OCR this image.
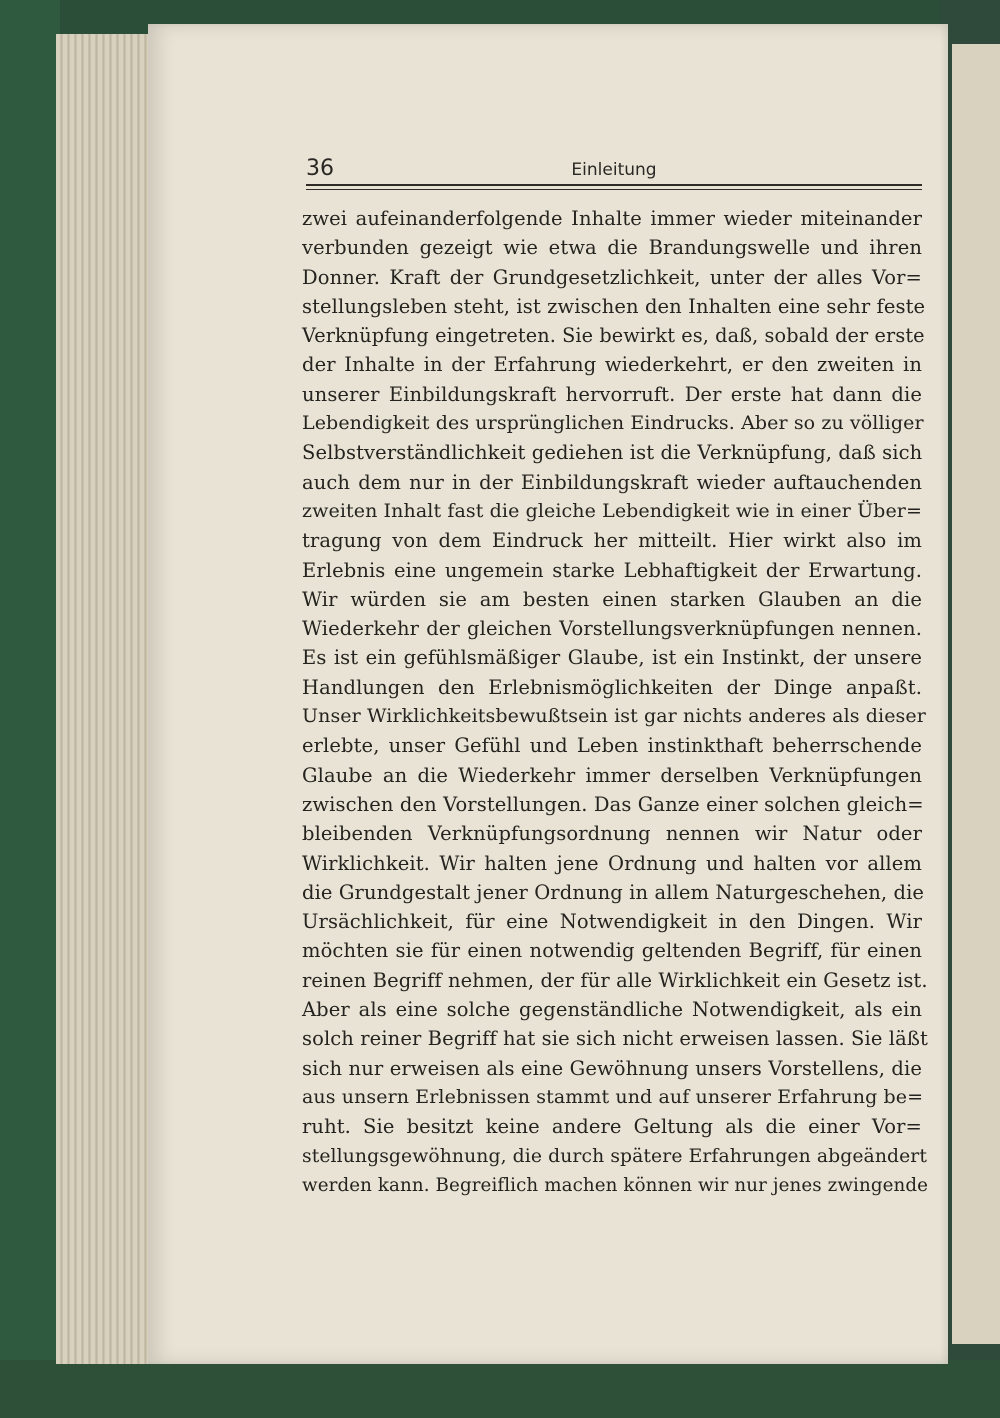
36	Einleitung
zwei aufeinanderfolgende Inhalte immer wieder miteinander
verbunden gezeigt wie etwa die Brandungswelle und ihren
Donner. Kraft der Grundgesetzlichkeit, unter der alles Vor=
stellungsleben steht, ist zwischen den Inhalten eine sehr feste
Verknüpfung eingetreten. Sie bewirkt es, daß, sobald der erste
der Inhalte in der Erfahrung wiederkehrt, er den zweiten in
unserer Einbildungskraft hervorruft. Der erste hat dann die
Lebendigkeit des ursprünglichen Eindrucks. Aber so zu völliger
Selbstverständlichkeit gediehen ist die Verknüpfung, daß sich
auch dem nur in der Einbildungskraft wieder auftauchenden
zweiten Inhalt fast die gleiche Lebendigkeit wie in einer Über=
tragung von dem Eindruck her mitteilt. Hier wirkt also im
Erlebnis eine ungemein starke Lebhaftigkeit der Erwartung.
Wir würden sie am besten einen starken Glauben an die
Wiederkehr der gleichen Vorstellungsverknüpfungen nennen.
Es ist ein gefühlsmäßiger Glaube, ist ein Instinkt, der unsere
Handlungen den Erlebnismöglichkeiten der Dinge anpaßt.
Unser Wirklichkeitsbewußtsein ist gar nichts anderes als dieser
erlebte, unser Gefühl und Leben instinkthaft beherrschende
Glaube an die Wiederkehr immer derselben Verknüpfungen
zwischen den Vorstellungen. Das Ganze einer solchen gleich=
bleibenden Verknüpfungsordnung nennen wir Natur oder
Wirklichkeit. Wir halten jene Ordnung und halten vor allem
die Grundgestalt jener Ordnung in allem Naturgeschehen, die
Ursächlichkeit, für eine Notwendigkeit in den Dingen. Wir
möchten sie für einen notwendig geltenden Begriff, für einen
reinen Begriff nehmen, der für alle Wirklichkeit ein Gesetz ist.
Aber als eine solche gegenständliche Notwendigkeit, als ein
solch reiner Begriff hat sie sich nicht erweisen lassen. Sie läßt
sich nur erweisen als eine Gewöhnung unsers Vorstellens, die
aus unsern Erlebnissen stammt und auf unserer Erfahrung be=
ruht. Sie besitzt keine andere Geltung als die einer Vor=
stellungsgewöhnung, die durch spätere Erfahrungen abgeändert
werden kann. Begreiflich machen können wir nur jenes zwingende
